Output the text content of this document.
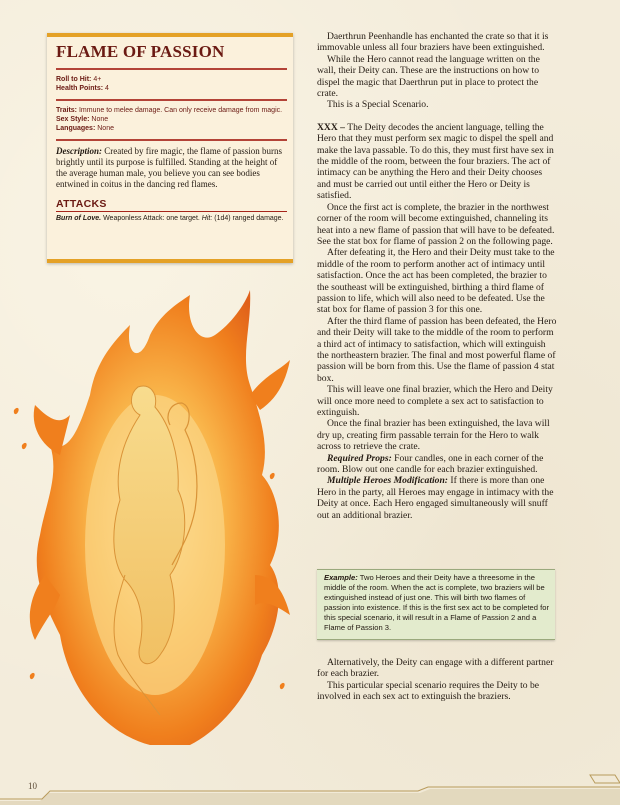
FLAME OF PASSION
Roll to Hit: 4+
Health Points: 4
Traits: Immune to melee damage. Can only receive damage from magic.
Sex Style: None
Languages: None
Description: Created by fire magic, the flame of passion burns brightly until its purpose is fulfilled. Standing at the height of the average human male, you believe you can see bodies entwined in coitus in the dancing red flames.
ATTACKS
Burn of Love. Weaponless Attack: one target. Hit: (1d4) ranged damage.

Daerthrun Peenhandle has enchanted the crate so that it is immovable unless all four braziers have been extinguished.

While the Hero cannot read the language written on the wall, their Deity can. These are the instructions on how to dispel the magic that Daerthrun put in place to protect the crate.

This is a Special Scenario.

XXX – The Deity decodes the ancient language, telling the Hero that they must perform sex magic to dispel the spell and make the lava passable. To do this, they must first have sex in the middle of the room, between the four braziers. The act of intimacy can be anything the Hero and their Deity chooses and must be carried out until either the Hero or Deity is satisfied.

Once the first act is complete, the brazier in the northwest corner of the room will become extinguished, channeling its heat into a new flame of passion that will have to be defeated. See the stat box for flame of passion 2 on the following page.

After defeating it, the Hero and their Deity must take to the middle of the room to perform another act of intimacy until satisfaction. Once the act has been completed, the brazier to the southeast will be extinguished, birthing a third flame of passion to life, which will also need to be defeated. Use the stat box for flame of passion 3 for this one.

After the third flame of passion has been defeated, the Hero and their Deity will take to the middle of the room to perform a third act of intimacy to satisfaction, which will extinguish the northeastern brazier. The final and most powerful flame of passion will be born from this. Use the flame of passion 4 stat box.

This will leave one final brazier, which the Hero and Deity will once more need to complete a sex act to satisfaction to extinguish.

Once the final brazier has been extinguished, the lava will dry up, creating firm passable terrain for the Hero to walk across to retrieve the crate.

Required Props: Four candles, one in each corner of the room. Blow out one candle for each brazier extinguished.

Multiple Heroes Modification: If there is more than one Hero in the party, all Heroes may engage in intimacy with the Deity at once. Each Hero engaged simultaneously will snuff out an additional brazier.

Example: Two Heroes and their Deity have a threesome in the middle of the room. When the act is complete, two braziers will be extinguished instead of just one. This will birth two flames of passion into existence. If this is the first sex act to be completed for this special scenario, it will result in a Flame of Passion 2 and a Flame of Passion 3.

Alternatively, the Deity can engage with a different partner for each brazier.

This particular special scenario requires the Deity to be involved in each sex act to extinguish the braziers.

10
